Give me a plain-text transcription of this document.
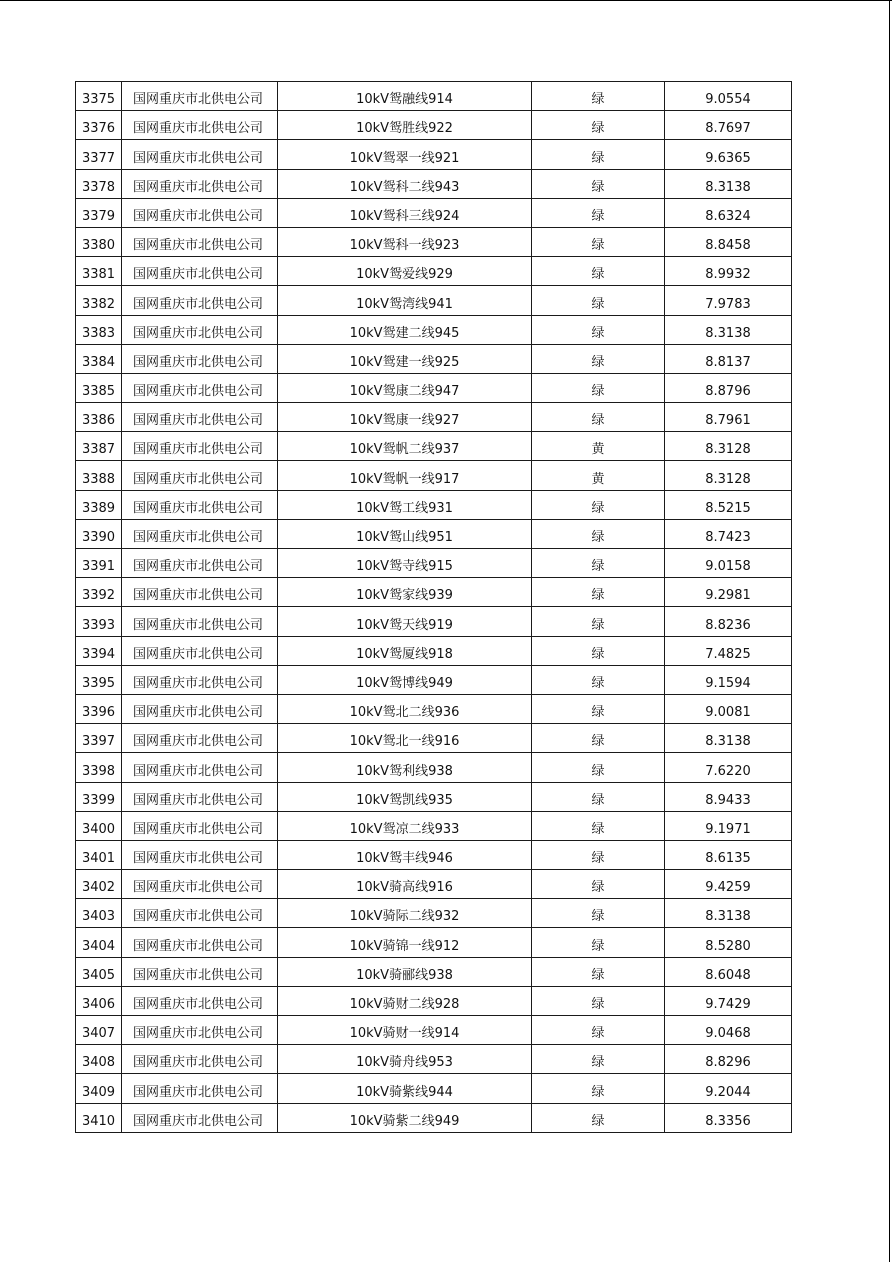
3375	国网重庆市北供电公司	10kV鸳融线914	绿	9.0554
3376	国网重庆市北供电公司	10kV鸳胜线922	绿	8.7697
3377	国网重庆市北供电公司	10kV鸳翠一线921	绿	9.6365
3378	国网重庆市北供电公司	10kV鸳科二线943	绿	8.3138
3379	国网重庆市北供电公司	10kV鸳科三线924	绿	8.6324
3380	国网重庆市北供电公司	10kV鸳科一线923	绿	8.8458
3381	国网重庆市北供电公司	10kV鸳爱线929	绿	8.9932
3382	国网重庆市北供电公司	10kV鸳湾线941	绿	7.9783
3383	国网重庆市北供电公司	10kV鸳建二线945	绿	8.3138
3384	国网重庆市北供电公司	10kV鸳建一线925	绿	8.8137
3385	国网重庆市北供电公司	10kV鸳康二线947	绿	8.8796
3386	国网重庆市北供电公司	10kV鸳康一线927	绿	8.7961
3387	国网重庆市北供电公司	10kV鸳帆二线937	黄	8.3128
3388	国网重庆市北供电公司	10kV鸳帆一线917	黄	8.3128
3389	国网重庆市北供电公司	10kV鸳工线931	绿	8.5215
3390	国网重庆市北供电公司	10kV鸳山线951	绿	8.7423
3391	国网重庆市北供电公司	10kV鸳寺线915	绿	9.0158
3392	国网重庆市北供电公司	10kV鸳家线939	绿	9.2981
3393	国网重庆市北供电公司	10kV鸳天线919	绿	8.8236
3394	国网重庆市北供电公司	10kV鸳厦线918	绿	7.4825
3395	国网重庆市北供电公司	10kV鸳博线949	绿	9.1594
3396	国网重庆市北供电公司	10kV鸳北二线936	绿	9.0081
3397	国网重庆市北供电公司	10kV鸳北一线916	绿	8.3138
3398	国网重庆市北供电公司	10kV鸳利线938	绿	7.6220
3399	国网重庆市北供电公司	10kV鸳凯线935	绿	8.9433
3400	国网重庆市北供电公司	10kV鸳凉二线933	绿	9.1971
3401	国网重庆市北供电公司	10kV鸳丰线946	绿	8.6135
3402	国网重庆市北供电公司	10kV骑高线916	绿	9.4259
3403	国网重庆市北供电公司	10kV骑际二线932	绿	8.3138
3404	国网重庆市北供电公司	10kV骑锦一线912	绿	8.5280
3405	国网重庆市北供电公司	10kV骑郦线938	绿	8.6048
3406	国网重庆市北供电公司	10kV骑财二线928	绿	9.7429
3407	国网重庆市北供电公司	10kV骑财一线914	绿	9.0468
3408	国网重庆市北供电公司	10kV骑舟线953	绿	8.8296
3409	国网重庆市北供电公司	10kV骑紫线944	绿	9.2044
3410	国网重庆市北供电公司	10kV骑紫二线949	绿	8.3356
